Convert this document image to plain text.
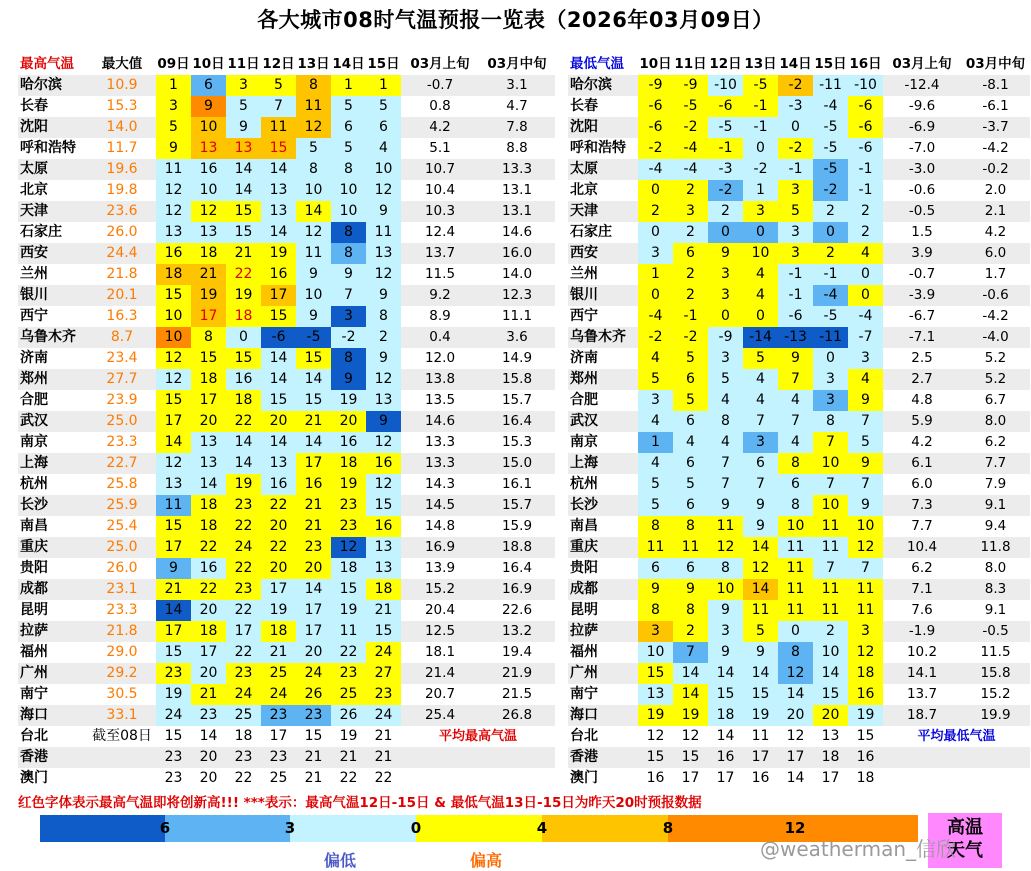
各大城市08时气温预报一览表（2026年03月09日）
最高气温	最大值	09日	10日	11日	12日	13日	14日	15日	03月上旬	03月中旬
哈尔滨	10.9	1	6	3	5	8	1	1	-0.7	3.1
长春	15.3	3	9	5	7	11	5	5	0.8	4.7
沈阳	14.0	5	10	9	11	12	6	6	4.2	7.8
呼和浩特	11.7	9	13	13	15	5	5	4	5.1	8.8
太原	19.6	11	16	14	14	8	8	10	10.7	13.3
北京	19.8	12	10	14	13	10	10	12	10.4	13.1
天津	23.6	12	12	15	13	14	10	9	10.3	13.1
石家庄	26.0	13	13	15	14	12	8	11	12.4	14.6
西安	24.4	16	18	21	19	11	8	13	13.7	16.0
兰州	21.8	18	21	22	16	9	9	12	11.5	14.0
银川	20.1	15	19	19	17	10	7	9	9.2	12.3
西宁	16.3	10	17	18	15	9	3	8	8.9	11.1
乌鲁木齐	8.7	10	8	0	-6	-5	-2	2	0.4	3.6
济南	23.4	12	15	15	14	15	8	9	12.0	14.9
郑州	27.7	12	18	16	14	14	9	12	13.8	15.8
合肥	23.9	15	17	18	15	15	19	13	13.5	15.7
武汉	25.0	17	20	22	20	21	20	9	14.6	16.4
南京	23.3	14	13	14	14	14	16	12	13.3	15.3
上海	22.7	12	13	14	13	17	18	16	13.3	15.0
杭州	25.8	13	14	19	16	16	19	12	14.3	16.1
长沙	25.9	11	18	23	22	21	23	15	14.5	15.7
南昌	25.4	15	18	22	20	21	23	16	14.8	15.9
重庆	25.0	17	22	24	22	23	12	13	16.9	18.8
贵阳	26.0	9	16	22	20	20	18	13	13.9	16.4
成都	23.1	21	22	23	17	14	15	18	15.2	16.9
昆明	23.3	14	20	22	19	17	19	21	20.4	22.6
拉萨	21.8	17	18	17	18	17	11	15	12.5	13.2
福州	29.0	15	17	22	21	20	22	24	18.1	19.4
广州	29.2	23	20	23	25	24	23	27	21.4	21.9
南宁	30.5	19	21	24	24	26	25	23	20.7	21.5
海口	33.1	24	23	25	23	23	26	24	25.4	26.8
台北	截至08日	15	14	18	17	15	19	21	平均最高气温	
香港		23	20	23	23	21	21	21		
澳门		23	20	22	25	21	22	22		
最低气温	10日	11日	12日	13日	14日	15日	16日	03月上旬	03月中旬
哈尔滨	-9	-9	-10	-5	-2	-11	-10	-12.4	-8.1
长春	-6	-5	-6	-1	-3	-4	-6	-9.6	-6.1
沈阳	-6	-2	-5	-1	0	-5	-6	-6.9	-3.7
呼和浩特	-2	-4	-1	0	-2	-5	-6	-7.0	-4.2
太原	-4	-4	-3	-2	-1	-5	-1	-3.0	-0.2
北京	0	2	-2	1	3	-2	-1	-0.6	2.0
天津	2	3	2	3	5	2	2	-0.5	2.1
石家庄	0	2	0	0	3	0	2	1.5	4.2
西安	3	6	9	10	3	2	4	3.9	6.0
兰州	1	2	3	4	-1	-1	0	-0.7	1.7
银川	0	2	3	4	-1	-4	0	-3.9	-0.6
西宁	-4	-1	0	0	-6	-5	-4	-6.7	-4.2
乌鲁木齐	-2	-2	-9	-14	-13	-11	-7	-7.1	-4.0
济南	4	5	3	5	9	0	3	2.5	5.2
郑州	5	6	5	4	7	3	4	2.7	5.2
合肥	3	5	4	4	4	3	9	4.8	6.7
武汉	4	6	8	7	7	8	7	5.9	8.0
南京	1	4	4	3	4	7	5	4.2	6.2
上海	4	6	7	6	8	10	9	6.1	7.7
杭州	5	5	7	7	6	7	7	6.0	7.9
长沙	5	6	9	9	8	10	9	7.3	9.1
南昌	8	8	11	9	10	11	10	7.7	9.4
重庆	11	11	12	14	11	11	12	10.4	11.8
贵阳	6	6	8	12	11	7	7	6.2	8.0
成都	9	9	10	14	11	11	11	7.1	8.3
昆明	8	8	9	11	11	11	11	7.6	9.1
拉萨	3	2	3	5	0	2	3	-1.9	-0.5
福州	10	7	9	9	8	10	12	10.2	11.5
广州	15	14	14	14	12	14	18	14.1	15.8
南宁	13	14	15	15	14	15	16	13.7	15.2
海口	19	19	18	19	20	20	19	18.7	19.9
台北	12	12	14	11	12	13	15	平均最低气温	
香港	15	15	16	17	17	18	16		
澳门	16	17	17	16	14	17	18		
红色字体表示最高气温即将创新高!!! ***表示：最高气温12日-15日 & 最低气温13日-15日为昨天20时预报数据
6	3	0	4	8	12
偏低	偏高
高温
天气
@weatherman_信欣
